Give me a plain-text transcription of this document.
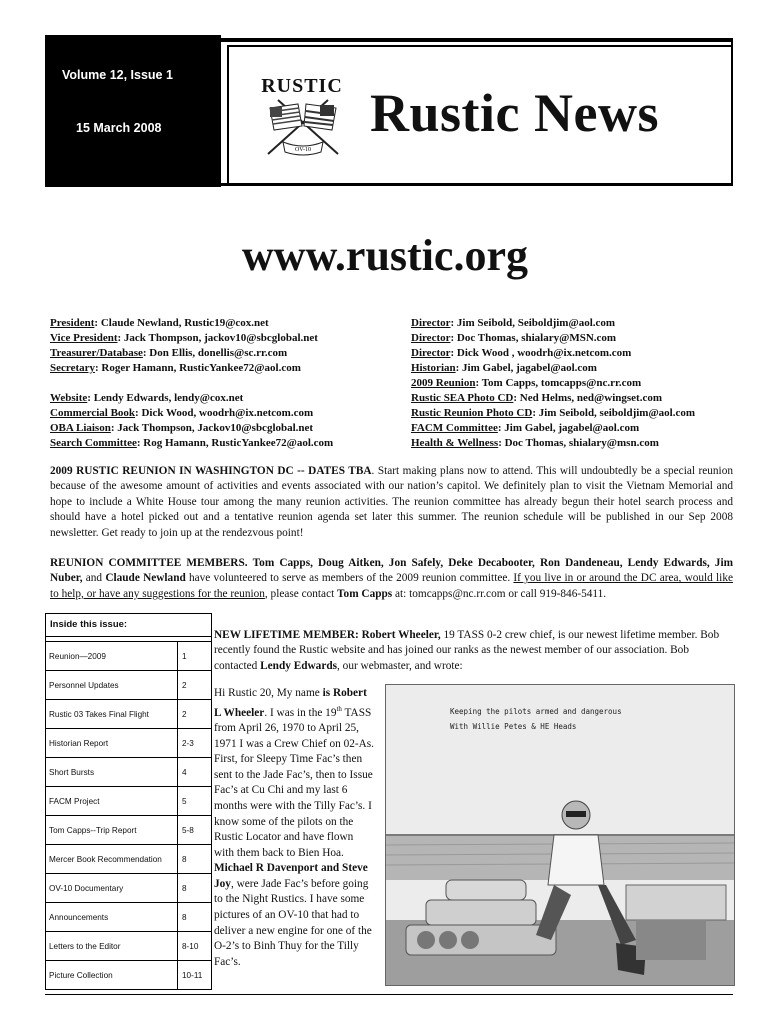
Volume 12, Issue 1
15 March 2008
OV-10
RUSTIC Rustic News
www.rustic.org
President: Claude Newland, Rustic19@cox.net
Vice President: Jack Thompson, jackov10@sbcglobal.net
Treasurer/Database: Don Ellis, donellis@sc.rr.com
Secretary: Roger Hamann, RusticYankee72@aol.com
Website: Lendy Edwards, lendy@cox.net
Commercial Book: Dick Wood, woodrh@ix.netcom.com
OBA Liaison: Jack Thompson, Jackov10@sbcglobal.net
Search Committee: Rog Hamann, RusticYankee72@aol.com
Director: Jim Seibold, Seiboldjim@aol.com
Director: Doc Thomas, shialary@MSN.com
Director: Dick Wood , woodrh@ix.netcom.com
Historian: Jim Gabel, jagabel@aol.com
2009 Reunion: Tom Capps, tomcapps@nc.rr.com
Rustic SEA Photo CD: Ned Helms, ned@wingset.com
Rustic Reunion Photo CD: Jim Seibold, seiboldjim@aol.com
FACM Committee: Jim Gabel, jagabel@aol.com
Health & Wellness: Doc Thomas, shialary@msn.com
2009 RUSTIC REUNION IN WASHINGTON DC -- DATES TBA. Start making plans now to attend. This will undoubtedly be a special reunion because of the awesome amount of activities and events associated with our nation’s capitol. We definitely plan to visit the Vietnam Memorial and hope to include a White House tour among the many reunion activities. The reunion committee has already begun their hotel search process and should have a hotel picked out and a tentative reunion agenda set later this summer. The reunion schedule will be published in our Sep 2008 newsletter. Get ready to join up at the rendezvous point!
REUNION COMMITTEE MEMBERS. Tom Capps, Doug Aitken, Jon Safely, Deke Decabooter, Ron Dandeneau, Lendy Edwards, Jim Nuber, and Claude Newland have volunteered to serve as members of the 2009 reunion committee. If you live in or around the DC area, would like to help, or have any suggestions for the reunion, please contact Tom Capps at: tomcapps@nc.rr.com or call 919-846-5411.
Inside this issue:
Reunion—2009	1
Personnel Updates	2
Rustic 03 Takes Final Flight	2
Historian Report	2-3
Short Bursts	4
FACM Project	5
Tom Capps--Trip Report	5-8
Mercer Book Recommendation	8
OV-10 Documentary	8
Announcements	8
Letters to the Editor	8-10
Picture Collection	10-11
NEW LIFETIME MEMBER: Robert Wheeler, 19 TASS 0-2 crew chief, is our newest lifetime member. Bob recently found the Rustic website and has joined our ranks as the newest member of our association. Bob contacted Lendy Edwards, our webmaster, and wrote:
Hi Rustic 20, My name is Robert L Wheeler. I was in the 19th TASS from April 26, 1970 to April 25, 1971 I was a Crew Chief on 02-As. First, for Sleepy Time Fac’s then sent to the Jade Fac’s, then to Issue Fac’s at Cu Chi and my last 6 months were with the Tilly Fac’s. I know some of the pilots on the Rustic Locator and have flown with them back to Bien Hoa. Michael R Davenport and Steve Joy, were Jade Fac’s before going to the Night Rustics. I have some pictures of an OV-10 that had to deliver a new engine for one of the O-2’s to Binh Thuy for the Tilly Fac’s.
Keeping the pilots armed and dangerous
With Willie Petes & HE Heads
